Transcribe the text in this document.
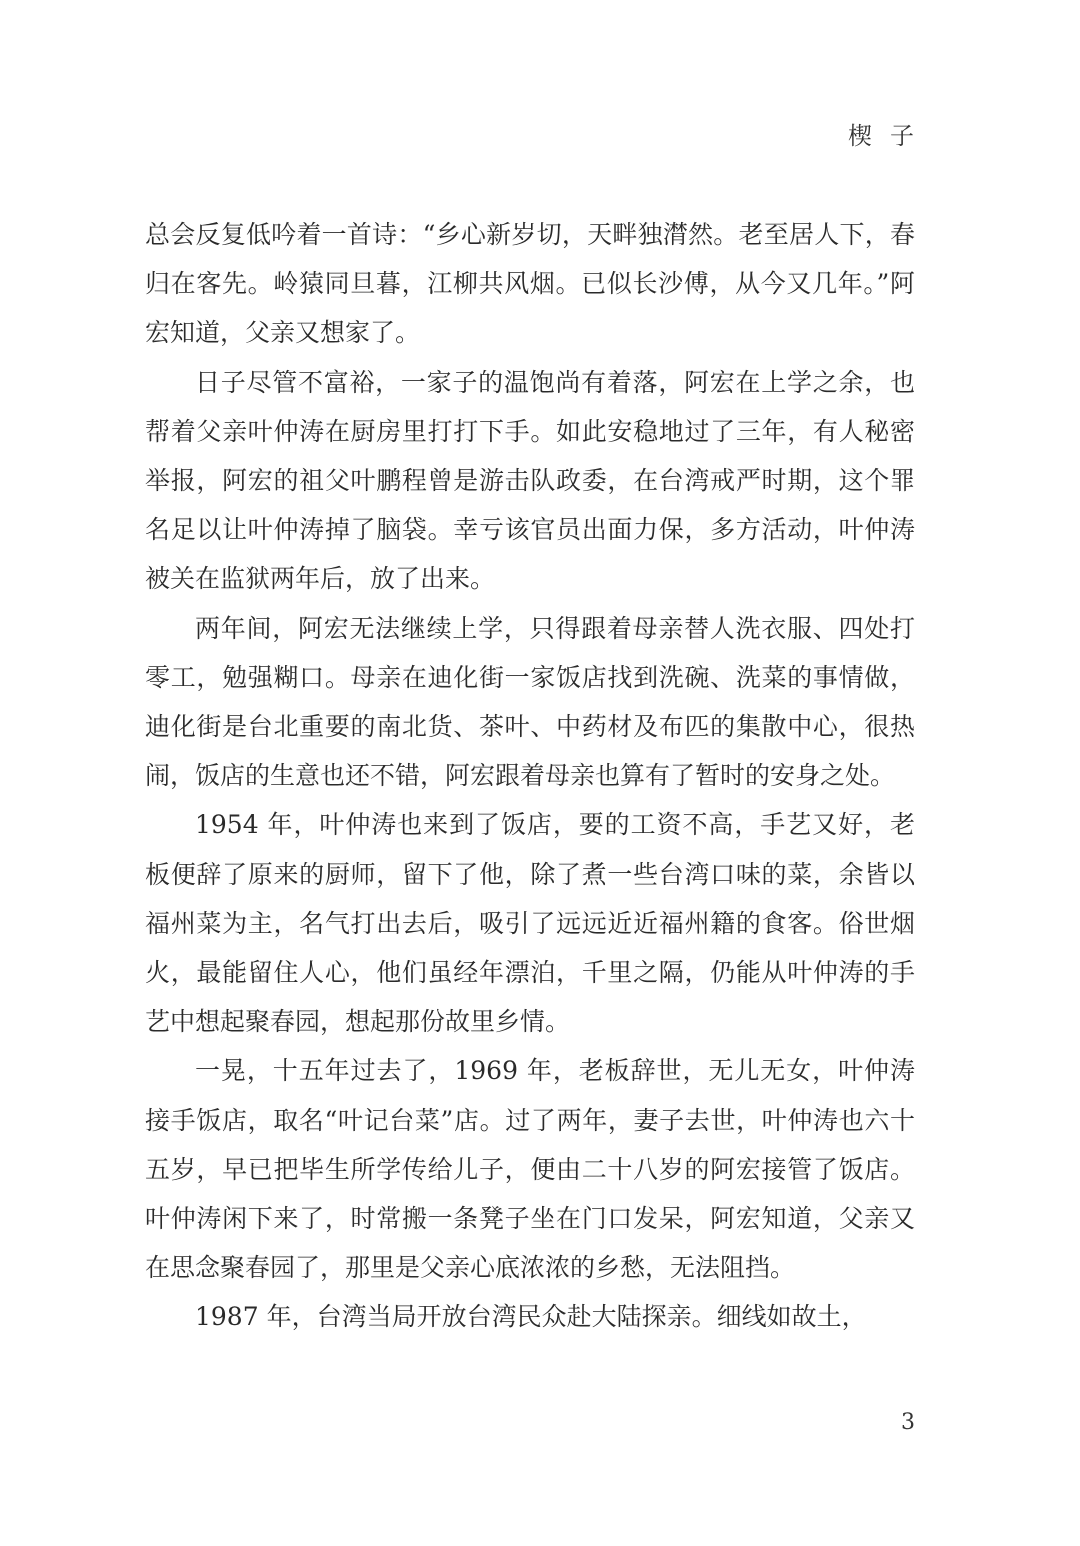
楔子

总会反复低吟着一首诗：“乡心新岁切，天畔独潸然。老至居人下，春归在客先。岭猿同旦暮，江柳共风烟。已似长沙傅，从今又几年。”阿宏知道，父亲又想家了。

日子尽管不富裕，一家子的温饱尚有着落，阿宏在上学之余，也帮着父亲叶仲涛在厨房里打打下手。如此安稳地过了三年，有人秘密举报，阿宏的祖父叶鹏程曾是游击队政委，在台湾戒严时期，这个罪名足以让叶仲涛掉了脑袋。幸亏该官员出面力保，多方活动，叶仲涛被关在监狱两年后，放了出来。

两年间，阿宏无法继续上学，只得跟着母亲替人洗衣服、四处打零工，勉强糊口。母亲在迪化街一家饭店找到洗碗、洗菜的事情做，迪化街是台北重要的南北货、茶叶、中药材及布匹的集散中心，很热闹，饭店的生意也还不错，阿宏跟着母亲也算有了暂时的安身之处。

1954 年，叶仲涛也来到了饭店，要的工资不高，手艺又好，老板便辞了原来的厨师，留下了他，除了煮一些台湾口味的菜，余皆以福州菜为主，名气打出去后，吸引了远远近近福州籍的食客。俗世烟火，最能留住人心，他们虽经年漂泊，千里之隔，仍能从叶仲涛的手艺中想起聚春园，想起那份故里乡情。

一晃，十五年过去了，1969 年，老板辞世，无儿无女，叶仲涛接手饭店，取名“叶记台菜”店。过了两年，妻子去世，叶仲涛也六十五岁，早已把毕生所学传给儿子，便由二十八岁的阿宏接管了饭店。叶仲涛闲下来了，时常搬一条凳子坐在门口发呆，阿宏知道，父亲又在思念聚春园了，那里是父亲心底浓浓的乡愁，无法阻挡。

1987 年，台湾当局开放台湾民众赴大陆探亲。细线如故土，

3
